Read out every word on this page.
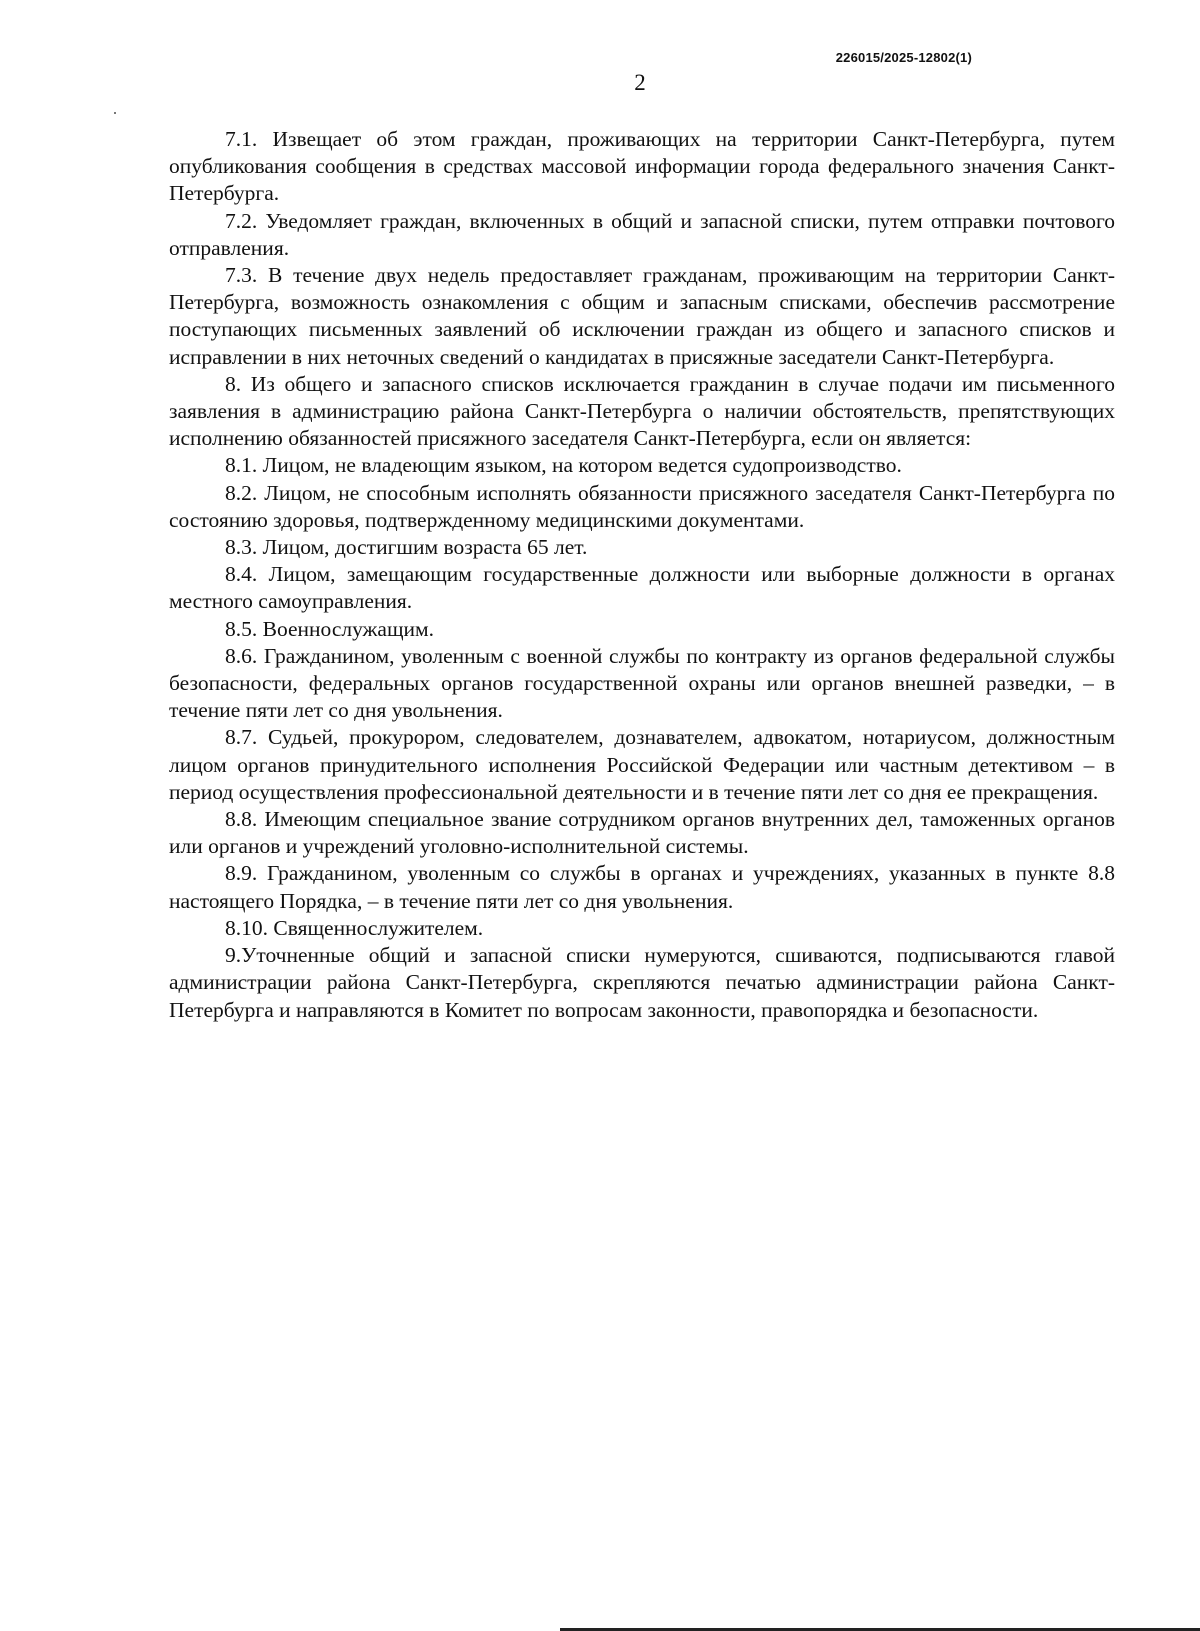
226015/2025-12802(1)
2

7.1. Извещает об этом граждан, проживающих на территории Санкт-Петербурга, путем опубликования сообщения в средствах массовой информации города федерального значения Санкт-Петербурга.

7.2. Уведомляет граждан, включенных в общий и запасной списки, путем отправки почтового отправления.

7.3. В течение двух недель предоставляет гражданам, проживающим на территории Санкт-Петербурга, возможность ознакомления с общим и запасным списками, обеспечив рассмотрение поступающих письменных заявлений об исключении граждан из общего и запасного списков и исправлении в них неточных сведений о кандидатах в присяжные заседатели Санкт-Петербурга.

8. Из общего и запасного списков исключается гражданин в случае подачи им письменного заявления в администрацию района Санкт-Петербурга о наличии обстоятельств, препятствующих исполнению обязанностей присяжного заседателя Санкт-Петербурга, если он является:

8.1. Лицом, не владеющим языком, на котором ведется судопроизводство.

8.2. Лицом, не способным исполнять обязанности присяжного заседателя Санкт-Петербурга по состоянию здоровья, подтвержденному медицинскими документами.

8.3. Лицом, достигшим возраста 65 лет.

8.4. Лицом, замещающим государственные должности или выборные должности в органах местного самоуправления.

8.5. Военнослужащим.

8.6. Гражданином, уволенным с военной службы по контракту из органов федеральной службы безопасности, федеральных органов государственной охраны или органов внешней разведки, – в течение пяти лет со дня увольнения.

8.7. Судьей, прокурором, следователем, дознавателем, адвокатом, нотариусом, должностным лицом органов принудительного исполнения Российской Федерации или частным детективом – в период осуществления профессиональной деятельности и в течение пяти лет со дня ее прекращения.

8.8. Имеющим специальное звание сотрудником органов внутренних дел, таможенных органов или органов и учреждений уголовно-исполнительной системы.

8.9. Гражданином, уволенным со службы в органах и учреждениях, указанных в пункте 8.8 настоящего Порядка, – в течение пяти лет со дня увольнения.

8.10. Священнослужителем.

9.Уточненные общий и запасной списки нумеруются, сшиваются, подписываются главой администрации района Санкт-Петербурга, скрепляются печатью администрации района Санкт-Петербурга и направляются в Комитет по вопросам законности, правопорядка и безопасности.
